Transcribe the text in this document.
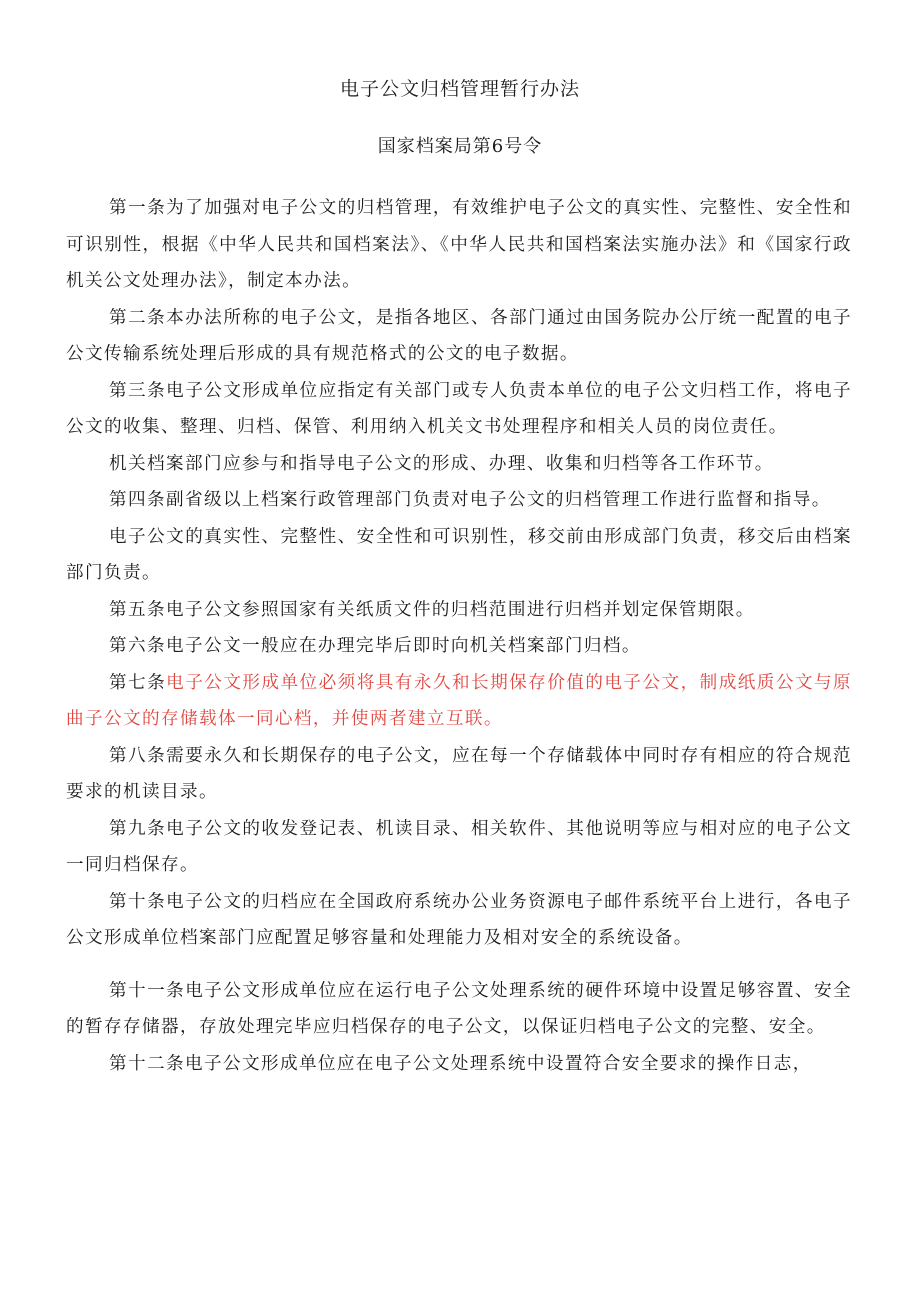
电子公文归档管理暂行办法
国家档案局第6号令

第一条为了加强对电子公文的归档管理，有效维护电子公文的真实性、完整性、安全性和可识别性，根据《中华人民共和国档案法》、《中华人民共和国档案法实施办法》和《国家行政机关公文处理办法》，制定本办法。

第二条本办法所称的电子公文，是指各地区、各部门通过由国务院办公厅统一配置的电子公文传输系统处理后形成的具有规范格式的公文的电子数据。

第三条电子公文形成单位应指定有关部门或专人负责本单位的电子公文归档工作，将电子公文的收集、整理、归档、保管、利用纳入机关文书处理程序和相关人员的岗位责任。

机关档案部门应参与和指导电子公文的形成、办理、收集和归档等各工作环节。

第四条副省级以上档案行政管理部门负责对电子公文的归档管理工作进行监督和指导。

电子公文的真实性、完整性、安全性和可识别性，移交前由形成部门负责，移交后由档案部门负责。

第五条电子公文参照国家有关纸质文件的归档范围进行归档并划定保管期限。

第六条电子公文一般应在办理完毕后即时向机关档案部门归档。

第七条电子公文形成单位必须将具有永久和长期保存价值的电子公文，制成纸质公文与原曲子公文的存储载体一同心档，并使两者建立互联。

第八条需要永久和长期保存的电子公文，应在每一个存储载体中同时存有相应的符合规范要求的机读目录。

第九条电子公文的收发登记表、机读目录、相关软件、其他说明等应与相对应的电子公文一同归档保存。

第十条电子公文的归档应在全国政府系统办公业务资源电子邮件系统平台上进行，各电子公文形成单位档案部门应配置足够容量和处理能力及相对安全的系统设备。

第十一条电子公文形成单位应在运行电子公文处理系统的硬件环境中设置足够容置、安全的暂存存储器，存放处理完毕应归档保存的电子公文，以保证归档电子公文的完整、安全。

第十二条电子公文形成单位应在电子公文处理系统中设置符合安全要求的操作日志，
